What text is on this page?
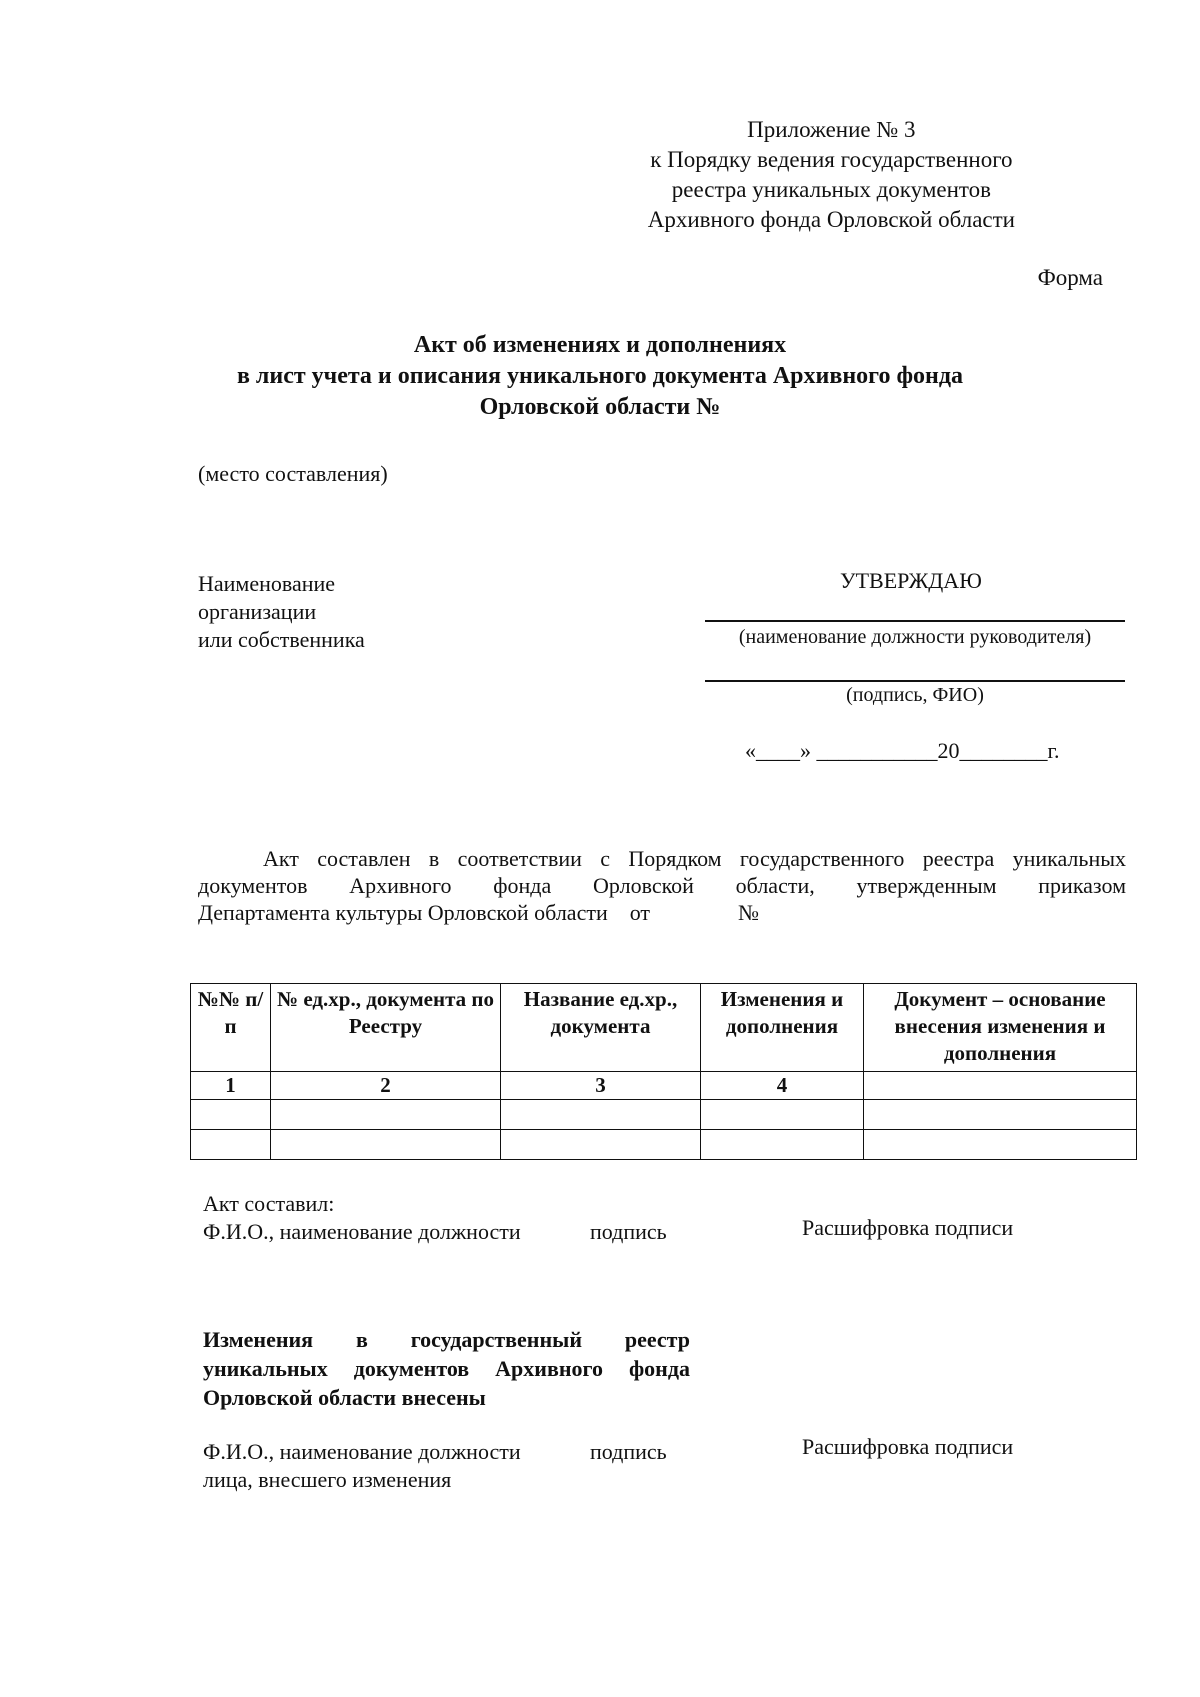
Приложение № 3
к Порядку ведения государственного
реестра уникальных документов
Архивного фонда Орловской области
Форма
Акт об изменениях и дополнениях
в лист учета и описания уникального документа Архивного фонда
Орловской области №
(место составления)
Наименование
организации
или собственника
УТВЕРЖДАЮ
(наименование должности руководителя)
(подпись, ФИО)
«____» ___________20________г.
Акт составлен в соответствии с Порядком государственного реестра уникальных
документов Архивного фонда Орловской области, утвержденным приказом
Департамента культуры Орловской области    от                №
№№ п/п	№ ед.хр., документа по Реестру	Название ед.хр., документа	Изменения и дополнения	Документ – основание внесения изменения и дополнения
1	2	3	4	

Акт составил:
Ф.И.О., наименование должности	подпись	Расшифровка подписи
Изменения в государственный реестр
уникальных документов Архивного фонда
Орловской области внесены
Ф.И.О., наименование должности
лица, внесшего изменения
подпись	Расшифровка подписи
